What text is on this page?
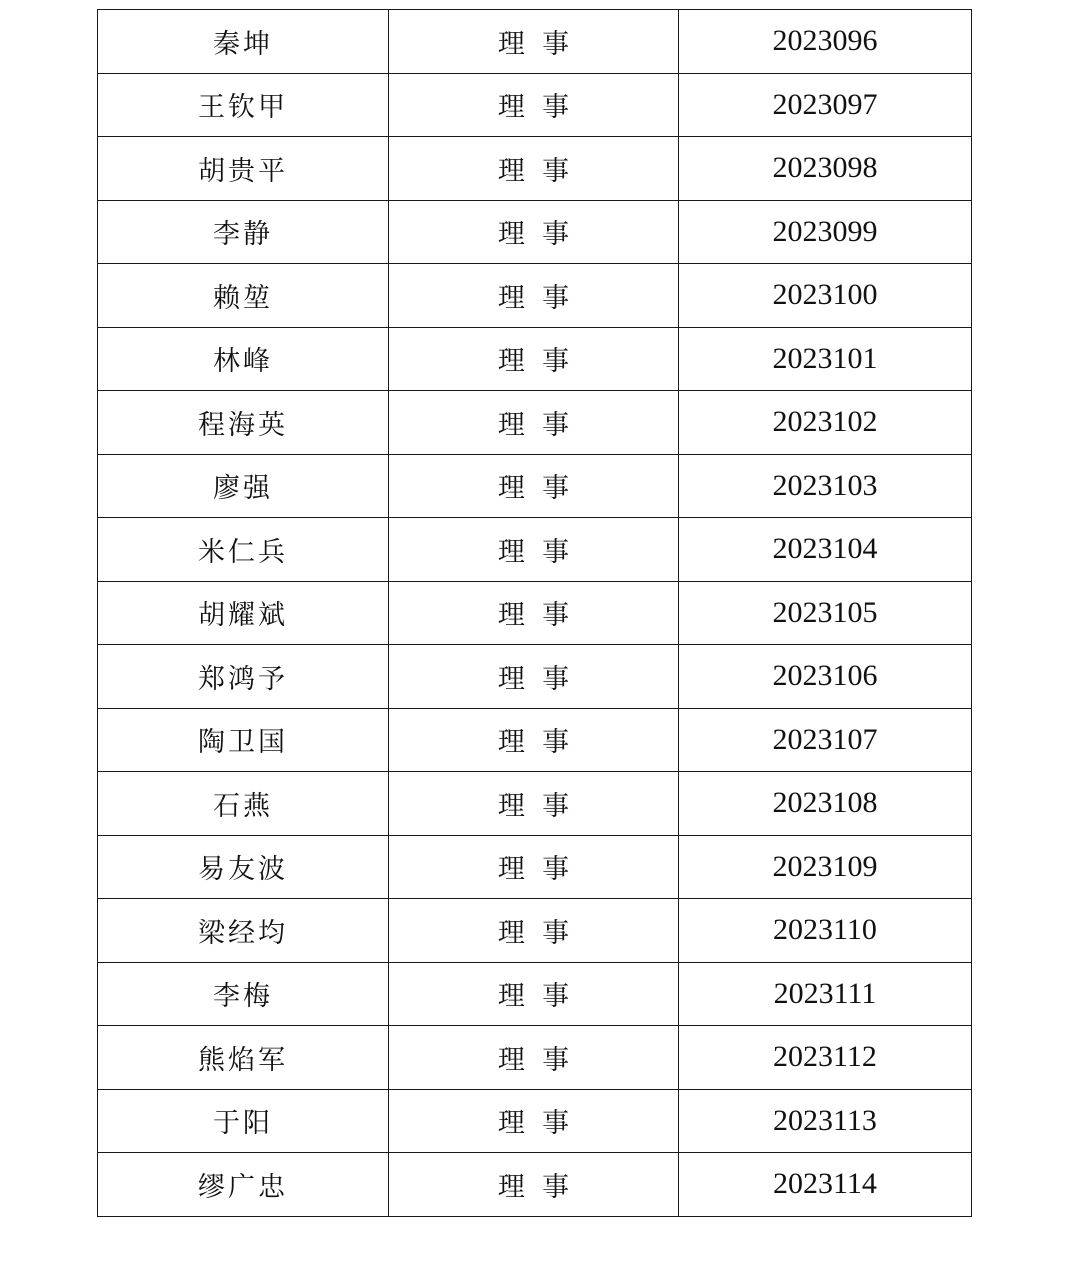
秦坤	理  事	2023096
王钦甲	理  事	2023097
胡贵平	理  事	2023098
李静	理  事	2023099
赖堃	理  事	2023100
林峰	理  事	2023101
程海英	理  事	2023102
廖强	理  事	2023103
米仁兵	理  事	2023104
胡耀斌	理  事	2023105
郑鸿予	理  事	2023106
陶卫国	理  事	2023107
石燕	理  事	2023108
易友波	理  事	2023109
梁经均	理  事	2023110
李梅	理  事	2023111
熊焰军	理  事	2023112
于阳	理  事	2023113
缪广忠	理  事	2023114
